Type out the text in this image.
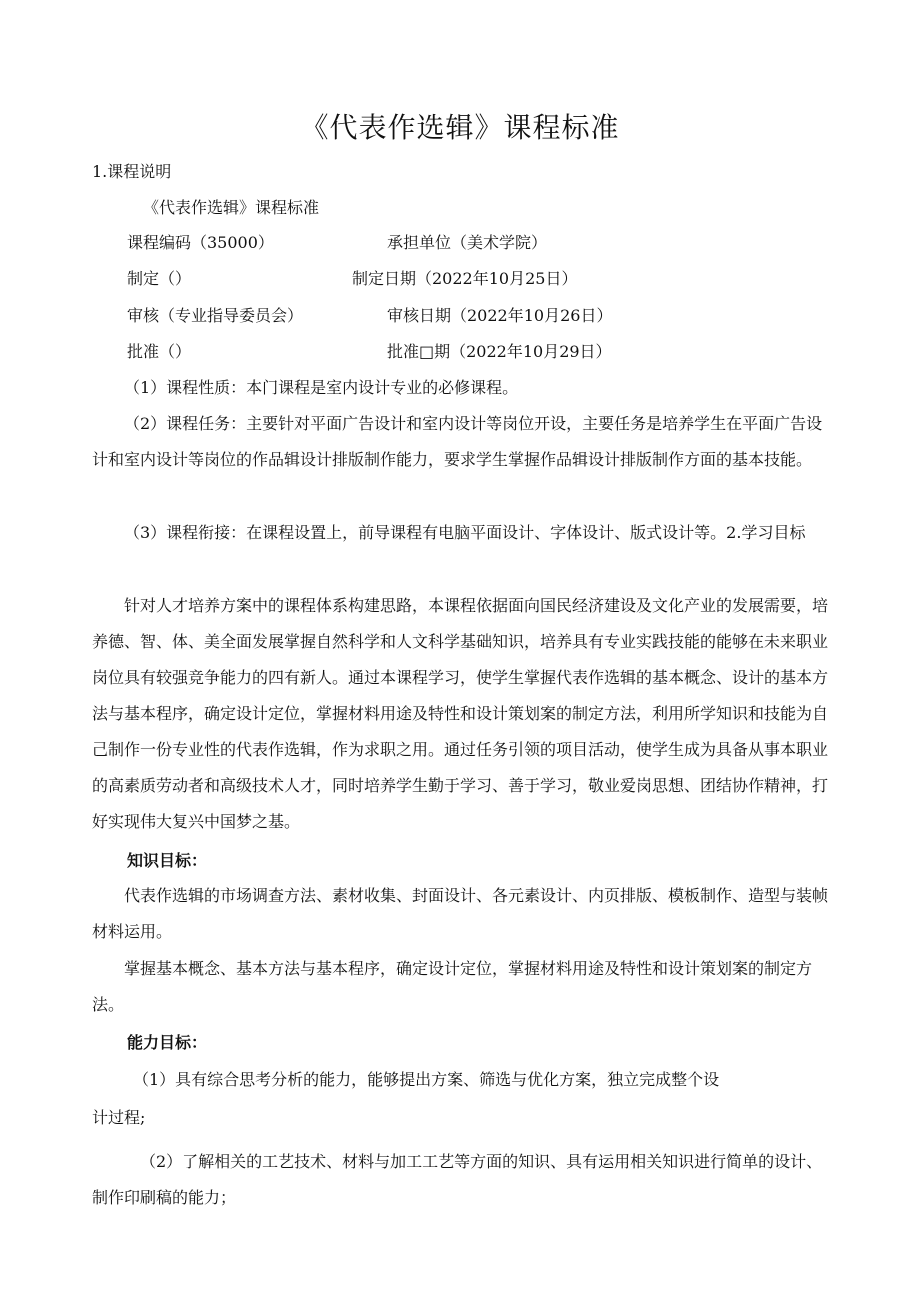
《代表作选辑》课程标准
1.课程说明
《代表作选辑》课程标准
课程编码（35000）	承担单位（美术学院）
制定（）	制定日期（2022年10月25日）
审核（专业指导委员会）	审核日期（2022年10月26日）
批准（）	批准□期（2022年10月29日）
（1）课程性质：本门课程是室内设计专业的必修课程。
（2）课程任务：主要针对平面广告设计和室内设计等岗位开设，主要任务是培养学生在平面广告设计和室内设计等岗位的作品辑设计排版制作能力，要求学生掌握作品辑设计排版制作方面的基本技能。
（3）课程衔接：在课程设置上，前导课程有电脑平面设计、字体设计、版式设计等。2.学习目标
针对人才培养方案中的课程体系构建思路，本课程依据面向国民经济建设及文化产业的发展需要，培养德、智、体、美全面发展掌握自然科学和人文科学基础知识，培养具有专业实践技能的能够在未来职业岗位具有较强竞争能力的四有新人。通过本课程学习，使学生掌握代表作选辑的基本概念、设计的基本方法与基本程序，确定设计定位，掌握材料用途及特性和设计策划案的制定方法，利用所学知识和技能为自己制作一份专业性的代表作选辑，作为求职之用。通过任务引领的项目活动，使学生成为具备从事本职业的高素质劳动者和高级技术人才，同时培养学生勤于学习、善于学习，敬业爱岗思想、团结协作精神，打好实现伟大复兴中国梦之基。
知识目标：
代表作选辑的市场调查方法、素材收集、封面设计、各元素设计、内页排版、模板制作、造型与装帧材料运用。
掌握基本概念、基本方法与基本程序，确定设计定位，掌握材料用途及特性和设计策划案的制定方法。
能力目标：
（1）具有综合思考分析的能力，能够提出方案、筛选与优化方案，独立完成整个设
计过程;
（2）了解相关的工艺技术、材料与加工工艺等方面的知识、具有运用相关知识进行简单的设计、制作印刷稿的能力；
